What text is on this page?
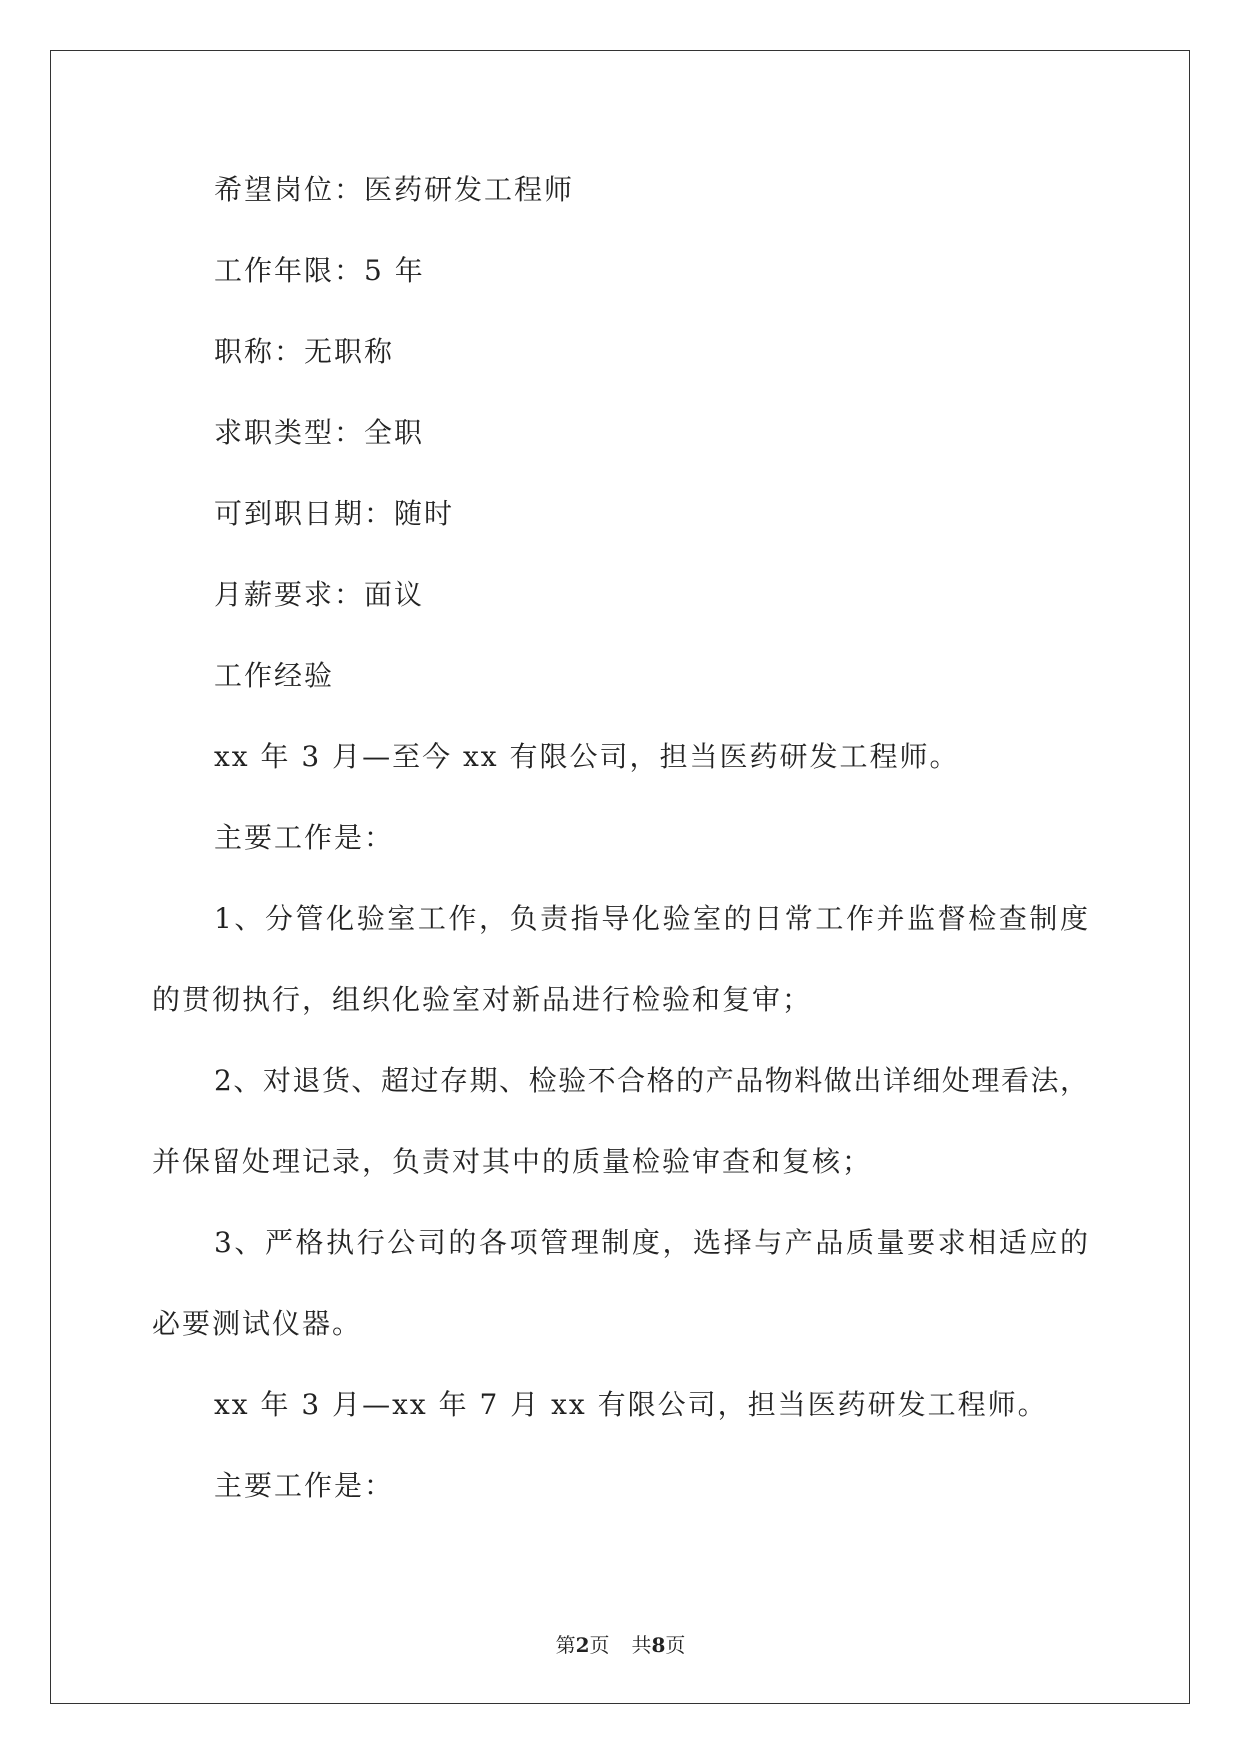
希望岗位：医药研发工程师
工作年限：5 年
职称：无职称
求职类型：全职
可到职日期：随时
月薪要求：面议
工作经验
xx 年 3 月—至今 xx 有限公司，担当医药研发工程师。
主要工作是：
1、分管化验室工作，负责指导化验室的日常工作并监督检查制度
的贯彻执行，组织化验室对新品进行检验和复审；
2、对退货、超过存期、检验不合格的产品物料做出详细处理看法，
并保留处理记录，负责对其中的质量检验审查和复核；
3、严格执行公司的各项管理制度，选择与产品质量要求相适应的
必要测试仪器。
xx 年 3 月—xx 年 7 月 xx 有限公司，担当医药研发工程师。
主要工作是：
第2页 共8页
